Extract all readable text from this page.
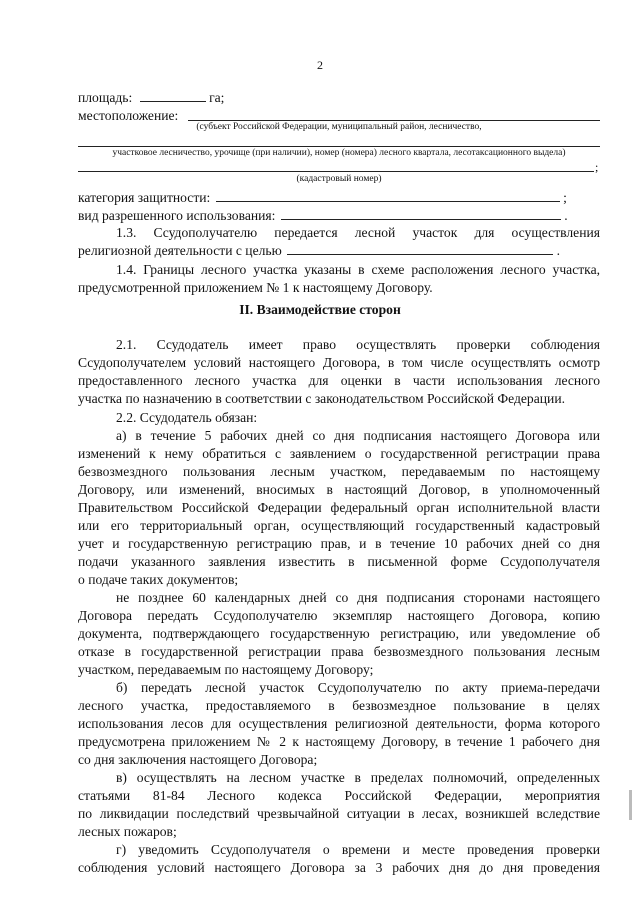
2
площадь:	га;
местоположение:
(субъект Российской Федерации, муниципальный район, лесничество,
участковое лесничество, урочище (при наличии), номер (номера) лесного квартала, лесотаксационного выдела)
;
(кадастровый номер)
категория защитности:	;
вид разрешенного использования:	.
1.3. Ссудополучателю передается лесной участок для осуществления
религиозной деятельности с целью	.
1.4. Границы лесного участка указаны в схеме расположения лесного участка,
предусмотренной приложением № 1 к настоящему Договору.
II. Взаимодействие сторон
2.1. Ссудодатель имеет право осуществлять проверки соблюдения
Ссудополучателем условий настоящего Договора, в том числе осуществлять осмотр
предоставленного лесного участка для оценки в части использования лесного
участка по назначению в соответствии с законодательством Российской Федерации.
2.2. Ссудодатель обязан:
а) в течение 5 рабочих дней со дня подписания настоящего Договора или
изменений к нему обратиться с заявлением о государственной регистрации права
безвозмездного пользования лесным участком, передаваемым по настоящему
Договору, или изменений, вносимых в настоящий Договор, в уполномоченный
Правительством Российской Федерации федеральный орган исполнительной власти
или его территориальный орган, осуществляющий государственный кадастровый
учет и государственную регистрацию прав, и в течение 10 рабочих дней со дня
подачи указанного заявления известить в письменной форме Ссудополучателя
о подаче таких документов;
не позднее 60 календарных дней со дня подписания сторонами настоящего
Договора передать Ссудополучателю экземпляр настоящего Договора, копию
документа, подтверждающего государственную регистрацию, или уведомление об
отказе в государственной регистрации права безвозмездного пользования лесным
участком, передаваемым по настоящему Договору;
б) передать лесной участок Ссудополучателю по акту приема-передачи
лесного участка, предоставляемого в безвозмездное пользование в целях
использования лесов для осуществления религиозной деятельности, форма которого
предусмотрена приложением № 2 к настоящему Договору, в течение 1 рабочего дня
со дня заключения настоящего Договора;
в) осуществлять на лесном участке в пределах полномочий, определенных
статьями 81-84 Лесного кодекса Российской Федерации, мероприятия
по ликвидации последствий чрезвычайной ситуации в лесах, возникшей вследствие
лесных пожаров;
г) уведомить Ссудополучателя о времени и месте проведения проверки
соблюдения условий настоящего Договора за 3 рабочих дня до дня проведения
